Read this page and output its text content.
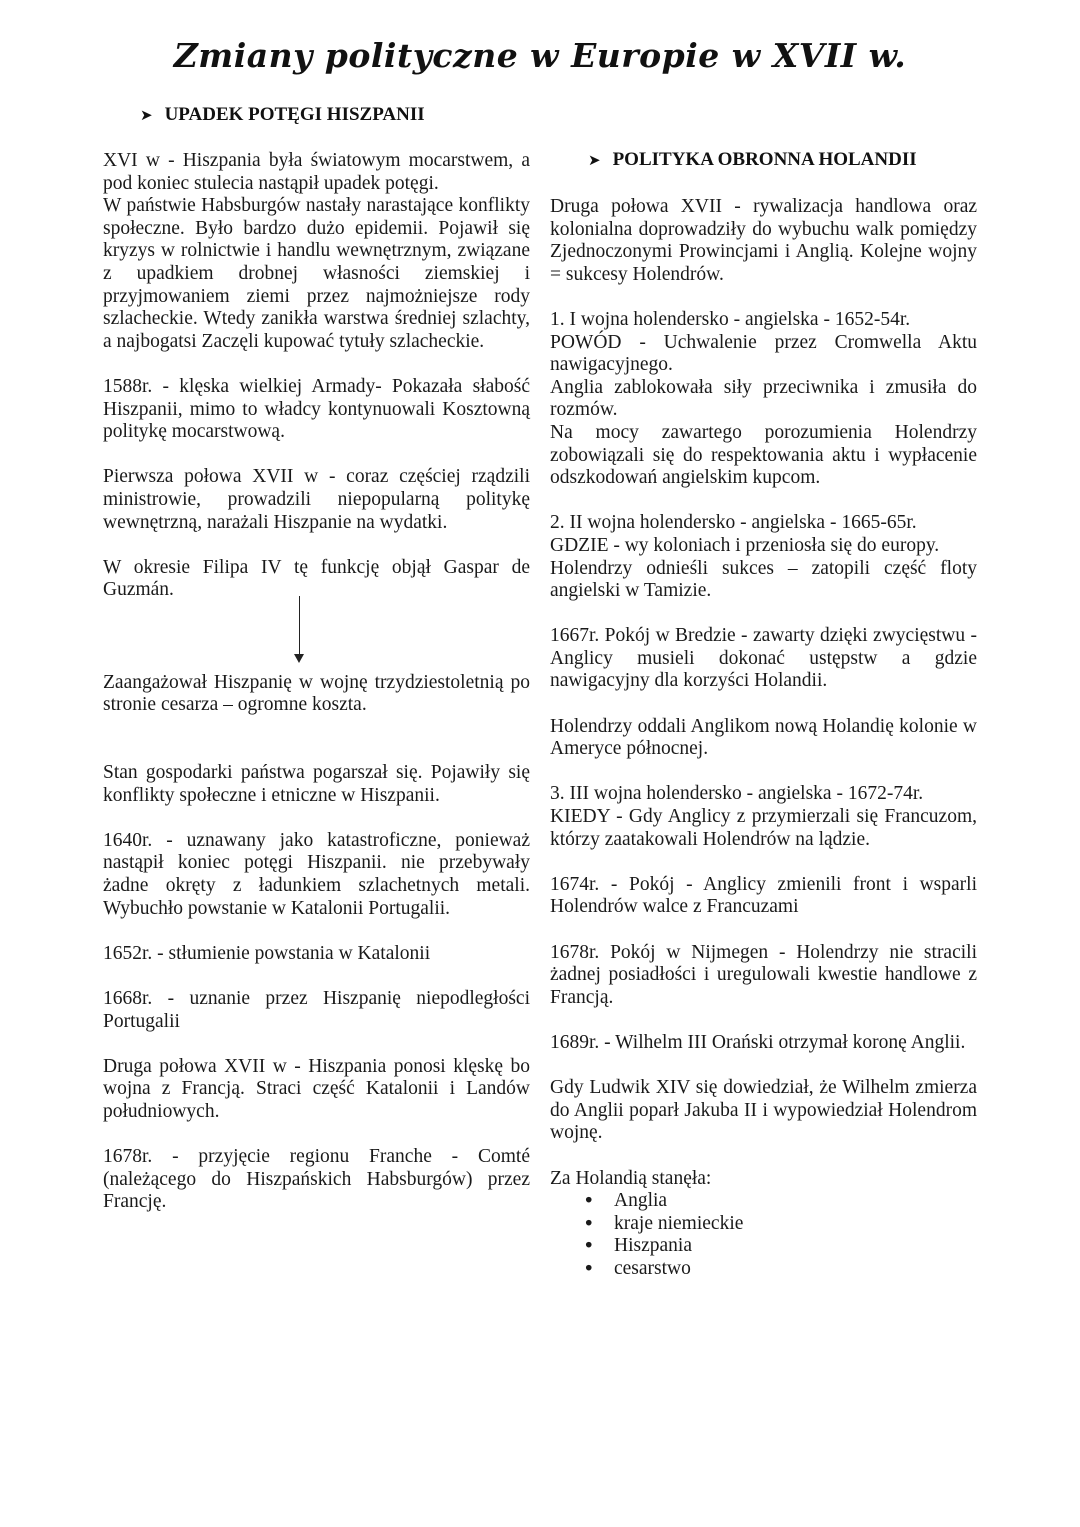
Zmiany polityczne w Europie w XVII w.
➤ UPADEK POTĘGI HISZPANII

XVI w - Hiszpania była światowym mocarstwem, a pod koniec stulecia nastąpił upadek potęgi.

W państwie Habsburgów nastały narastające konflikty społeczne. Było bardzo dużo epidemii. Pojawił się kryzys w rolnictwie i handlu wewnętrznym, związane z upadkiem drobnej własności ziemskiej i przyjmowaniem ziemi przez najmożniejsze rody szlacheckie. Wtedy zanikła warstwa średniej szlachty, a najbogatsi Zaczęli kupować tytuły szlacheckie.

1588r. - klęska wielkiej Armady- Pokazała słabość Hiszpanii, mimo to władcy kontynuowali Kosztowną politykę mocarstwową.

Pierwsza połowa XVII w - coraz częściej rządzili ministrowie, prowadzili niepopularną politykę wewnętrzną, narażali Hiszpanie na wydatki.

W okresie Filipa IV tę funkcję objął Gaspar de Guzmán.

Zaangażował Hiszpanię w wojnę trzydziestoletnią po stronie cesarza – ogromne koszta.

Stan gospodarki państwa pogarszał się. Pojawiły się konflikty społeczne i etniczne w Hiszpanii.

1640r. - uznawany jako katastroficzne, ponieważ nastąpił koniec potęgi Hiszpanii. nie przebywały żadne okręty z ładunkiem szlachetnych metali. Wybuchło powstanie w Katalonii Portugalii.

1652r. - stłumienie powstania w Katalonii

1668r. - uznanie przez Hiszpanię niepodległości Portugalii

Druga połowa XVII w - Hiszpania ponosi klęskę bo wojna z Francją. Straci część Katalonii i Landów południowych.

1678r. - przyjęcie regionu Franche - Comté (należącego do Hiszpańskich Habsburgów) przez Francję.

➤ POLITYKA OBRONNA HOLANDII

Druga połowa XVII - rywalizacja handlowa oraz kolonialna doprowadziły do wybuchu walk pomiędzy Zjednoczonymi Prowincjami i Anglią. Kolejne wojny = sukcesy Holendrów.

1. I wojna holendersko - angielska - 1652-54r.

POWÓD - Uchwalenie przez Cromwella Aktu nawigacyjnego.

Anglia zablokowała siły przeciwnika i zmusiła do rozmów.

Na mocy zawartego porozumienia Holendrzy zobowiązali się do respektowania aktu i wypłacenie odszkodowań angielskim kupcom.

2. II wojna holendersko - angielska - 1665-65r.

GDZIE - wy koloniach i przeniosła się do europy.

Holendrzy odnieśli sukces – zatopili część floty angielski w Tamizie.

1667r. Pokój w Bredzie - zawarty dzięki zwycięstwu - Anglicy musieli dokonać ustępstw a gdzie nawigacyjny dla korzyści Holandii.

Holendrzy oddali Anglikom nową Holandię kolonie w Ameryce północnej.

3. III wojna holendersko - angielska - 1672-74r.

KIEDY - Gdy Anglicy z przymierzali się Francuzom, którzy zaatakowali Holendrów na lądzie.

1674r. - Pokój - Anglicy zmienili front i wsparli Holendrów walce z Francuzami

1678r. Pokój w Nijmegen - Holendrzy nie stracili żadnej posiadłości i uregulowali kwestie handlowe z Francją.

1689r. - Wilhelm III Orański otrzymał koronę Anglii.

Gdy Ludwik XIV się dowiedział, że Wilhelm zmierza do Anglii poparł Jakuba II i wypowiedział Holendrom wojnę.

Za Holandią stanęła:

• Anglia
• kraje niemieckie
• Hiszpania
• cesarstwo
